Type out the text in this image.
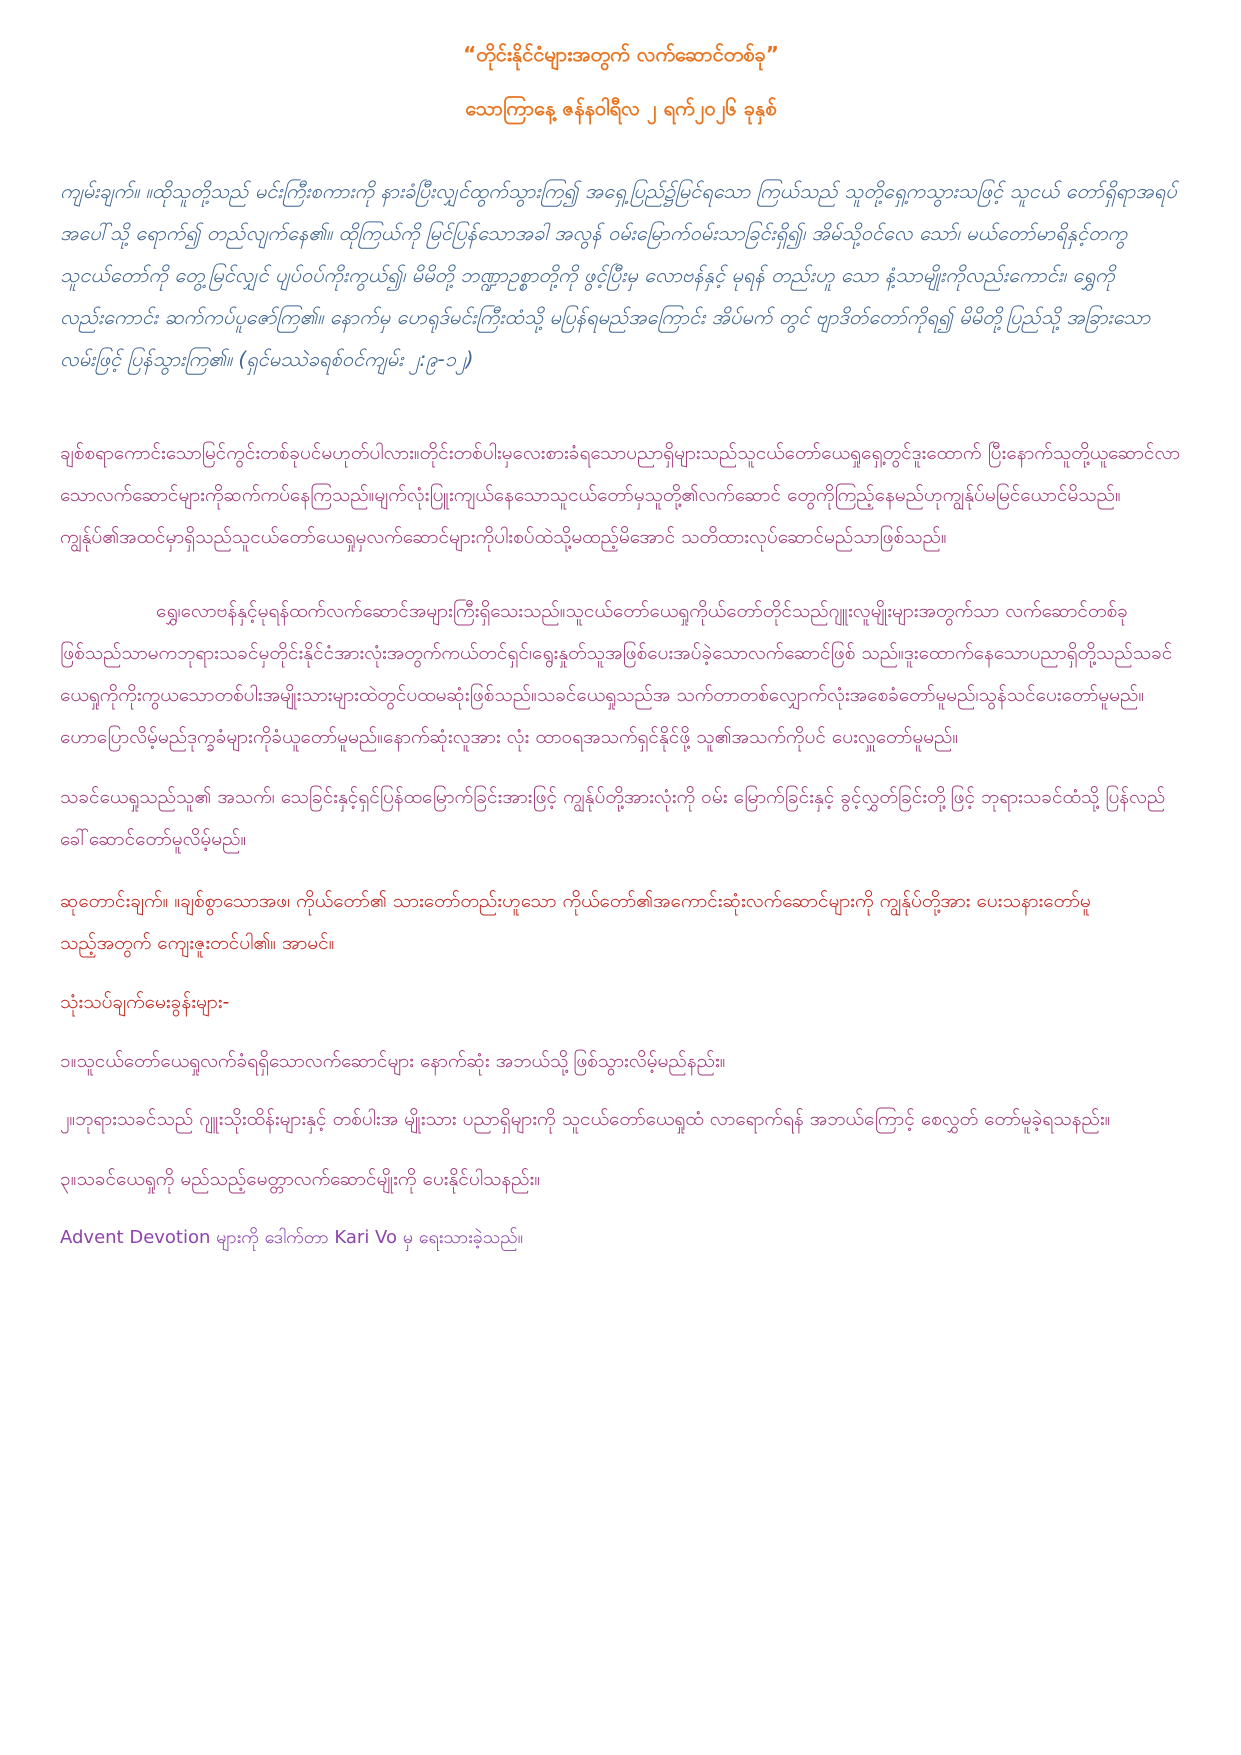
“တိုင်းနိုင်ငံများအတွက် လက်ဆောင်တစ်ခု”

သောကြာနေ့ ဇန်နဝါရီလ ၂ ရက်၂၀၂၆ ခုနှစ်

ကျမ်းချက်။ ။ထိုသူတို့သည် မင်းကြီးစကားကို နားခံပြီးလျှင်ထွက်သွားကြ၍ အရှေ့ပြည်၌မြင်ရသော ကြယ်သည် သူတို့ရှေ့ကသွားသဖြင့် သူငယ် တော်ရှိရာအရပ်အပေါ်သို့ ရောက်၍ တည်လျက်နေ၏။ ထိုကြယ်ကို မြင်ပြန်သောအခါ အလွန် ဝမ်းမြောက်ဝမ်းသာခြင်းရှိ၍၊ အိမ်သို့ဝင်လေ သော်၊ မယ်တော်မာရိနှင့်တကွ သူငယ်တော်ကို တွေ့မြင်လျှင် ပျပ်ဝပ်ကိုးကွယ်၍၊ မိမိတို့ ဘဏ္ဍာဥစ္စာတို့ကို ဖွင့်ပြီးမှ လောဗန်နှင့် မုရန် တည်းဟူ သော နံ့သာမျိုးကိုလည်းကောင်း၊ ရွှေကိုလည်းကောင်း ဆက်ကပ်ပူဇော်ကြ၏။ နောက်မှ ဟေရုဒ်မင်းကြီးထံသို့ မပြန်ရမည်အကြောင်း အိပ်မက် တွင် ဗျာဒိတ်တော်ကိုရ၍ မိမိတို့ပြည်သို့ အခြားသောလမ်းဖြင့် ပြန်သွားကြ၏။ (ရှင်မဿဲခရစ်ဝင်ကျမ်း ၂:၉-၁၂)

ချစ်စရာကောင်းသောမြင်ကွင်းတစ်ခုပင်မဟုတ်ပါလား။တိုင်းတစ်ပါးမှလေးစားခံရသောပညာရှိများသည်သူငယ်တော်ယေရှုရှေ့တွင်ဒူးထောက် ပြီးနောက်သူတို့ယူဆောင်လာသောလက်ဆောင်များကိုဆက်ကပ်နေကြသည်။မျက်လုံးပြူးကျယ်နေသောသူငယ်တော်မှသူတို့၏လက်ဆောင် တွေကိုကြည့်နေမည်ဟုကျွန်ုပ်မမြင်ယောင်မိသည်။ကျွန်ုပ်၏အထင်မှာရှိသည်သူငယ်တော်ယေရှုမှလက်ဆောင်များကိုပါးစပ်ထဲသို့မထည့်မိအောင် သတိထားလုပ်ဆောင်မည်သာဖြစ်သည်။

ရွှေ၊လောဗန်နှင့်မုရန်ထက်လက်ဆောင်အများကြီးရှိသေးသည်။သူငယ်တော်ယေရှုကိုယ်တော်တိုင်သည်ဂျူးလူမျိုးများအတွက်သာ လက်ဆောင်တစ်ခုဖြစ်သည်သာမကဘုရားသခင်မှတိုင်းနိုင်ငံအားလုံးအတွက်ကယ်တင်ရှင်၊ရွေးနှုတ်သူအဖြစ်ပေးအပ်ခဲ့သောလက်ဆောင်ဖြစ် သည်။ဒူးထောက်နေသောပညာရှိတို့သည်သခင်ယေရှုကိုကိုးကွယသောတစ်ပါးအမျိုးသားများထဲတွင်ပထမဆုံးဖြစ်သည်။သခင်ယေရှုသည်အ သက်တာတစ်လျှောက်လုံးအစေခံတော်မူမည်၊သွန်သင်ပေးတော်မူမည်။ဟောပြောလိမ့်မည်ဒုက္ခခံများကိုခံယူတော်မူမည်။နောက်ဆုံးလူအား လုံး ထာဝရအသက်ရှင်နိုင်ဖို့ သူ၏အသက်ကိုပင် ပေးလှူတော်မူမည်။

သခင်ယေရှုသည်သူ၏ အသက်၊ သေခြင်းနှင့်ရှင်ပြန်ထမြောက်ခြင်းအားဖြင့် ကျွန်ုပ်တို့အားလုံးကို ဝမ်း မြောက်ခြင်းနှင့် ခွင့်လွှတ်ခြင်းတို့ဖြင့် ဘုရားသခင်ထံသို့ ပြန်လည်ခေါ်ဆောင်တော်မူလိမ့်မည်။

ဆုတောင်းချက်။ ။ချစ်စွာသောအဖ၊ ကိုယ်တော်၏ သားတော်တည်းဟူသော ကိုယ်တော်၏အကောင်းဆုံးလက်ဆောင်များကို ကျွန်ုပ်တို့အား ပေးသနားတော်မူသည့်အတွက် ကျေးဇူးတင်ပါ၏။ အာမင်။

သုံးသပ်ချက်မေးခွန်းများ-

၁။သူငယ်တော်ယေရှုလက်ခံရရှိသောလက်ဆောင်များ နောက်ဆုံး အဘယ်သို့ဖြစ်သွားလိမ့်မည်နည်း။

၂။ဘုရားသခင်သည် ဂျူးသိုးထိန်းများနှင့် တစ်ပါးအ မျိုးသား ပညာရှိများကို သူငယ်တော်ယေရှုထံ လာရောက်ရန် အဘယ်ကြောင့် စေလွှတ် တော်မူခဲ့ရသနည်း။

၃။သခင်ယေရှုကို မည်သည့်မေတ္တာလက်ဆောင်မျိုးကို ပေးနိုင်ပါသနည်း။

Advent Devotion များကို ဒေါက်တာ Kari Vo မှ ရေးသားခဲ့သည်။
